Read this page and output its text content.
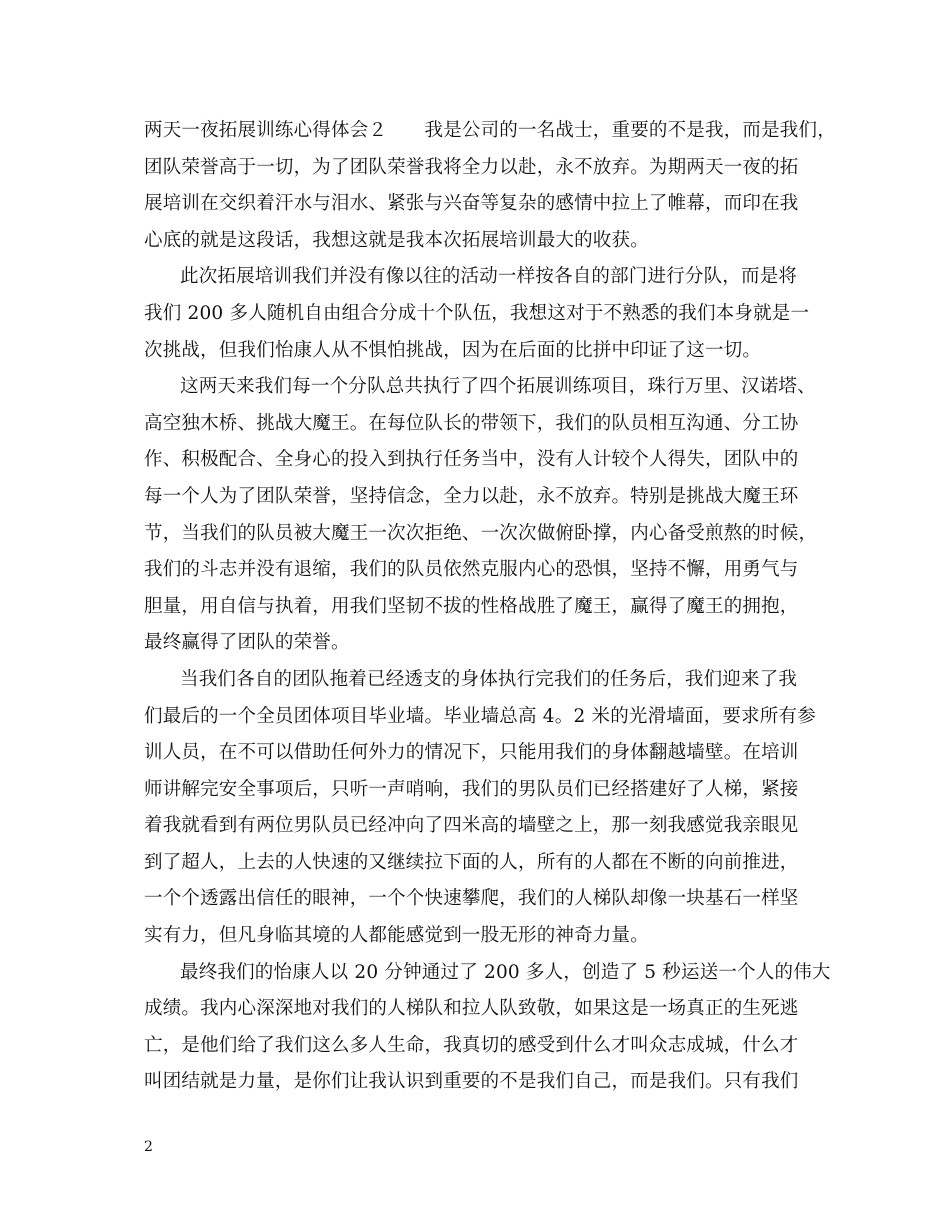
两天一夜拓展训练心得体会２　　我是公司的一名战士，重要的不是我，而是我们，
团队荣誉高于一切，为了团队荣誉我将全力以赴，永不放弃。为期两天一夜的拓
展培训在交织着汗水与泪水、紧张与兴奋等复杂的感情中拉上了帷幕，而印在我
心底的就是这段话，我想这就是我本次拓展培训最大的收获。
此次拓展培训我们并没有像以往的活动一样按各自的部门进行分队，而是将
我们 200 多人随机自由组合分成十个队伍，我想这对于不熟悉的我们本身就是一
次挑战，但我们怡康人从不惧怕挑战，因为在后面的比拼中印证了这一切。
这两天来我们每一个分队总共执行了四个拓展训练项目，珠行万里、汉诺塔、
高空独木桥、挑战大魔王。在每位队长的带领下，我们的队员相互沟通、分工协
作、积极配合、全身心的投入到执行任务当中，没有人计较个人得失，团队中的
每一个人为了团队荣誉，坚持信念，全力以赴，永不放弃。特别是挑战大魔王环
节，当我们的队员被大魔王一次次拒绝、一次次做俯卧撑，内心备受煎熬的时候，
我们的斗志并没有退缩，我们的队员依然克服内心的恐惧，坚持不懈，用勇气与
胆量，用自信与执着，用我们坚韧不拔的性格战胜了魔王，赢得了魔王的拥抱，
最终赢得了团队的荣誉。
当我们各自的团队拖着已经透支的身体执行完我们的任务后，我们迎来了我
们最后的一个全员团体项目毕业墙。毕业墙总高 4。2 米的光滑墙面，要求所有参
训人员，在不可以借助任何外力的情况下，只能用我们的身体翻越墙壁。在培训
师讲解完安全事项后，只听一声哨响，我们的男队员们已经搭建好了人梯，紧接
着我就看到有两位男队员已经冲向了四米高的墙壁之上，那一刻我感觉我亲眼见
到了超人，上去的人快速的又继续拉下面的人，所有的人都在不断的向前推进，
一个个透露出信任的眼神，一个个快速攀爬，我们的人梯队却像一块基石一样坚
实有力，但凡身临其境的人都能感觉到一股无形的神奇力量。
最终我们的怡康人以 20 分钟通过了 200 多人，创造了 5 秒运送一个人的伟大
成绩。我内心深深地对我们的人梯队和拉人队致敬，如果这是一场真正的生死逃
亡，是他们给了我们这么多人生命，我真切的感受到什么才叫众志成城，什么才
叫团结就是力量，是你们让我认识到重要的不是我们自己，而是我们。只有我们
2
